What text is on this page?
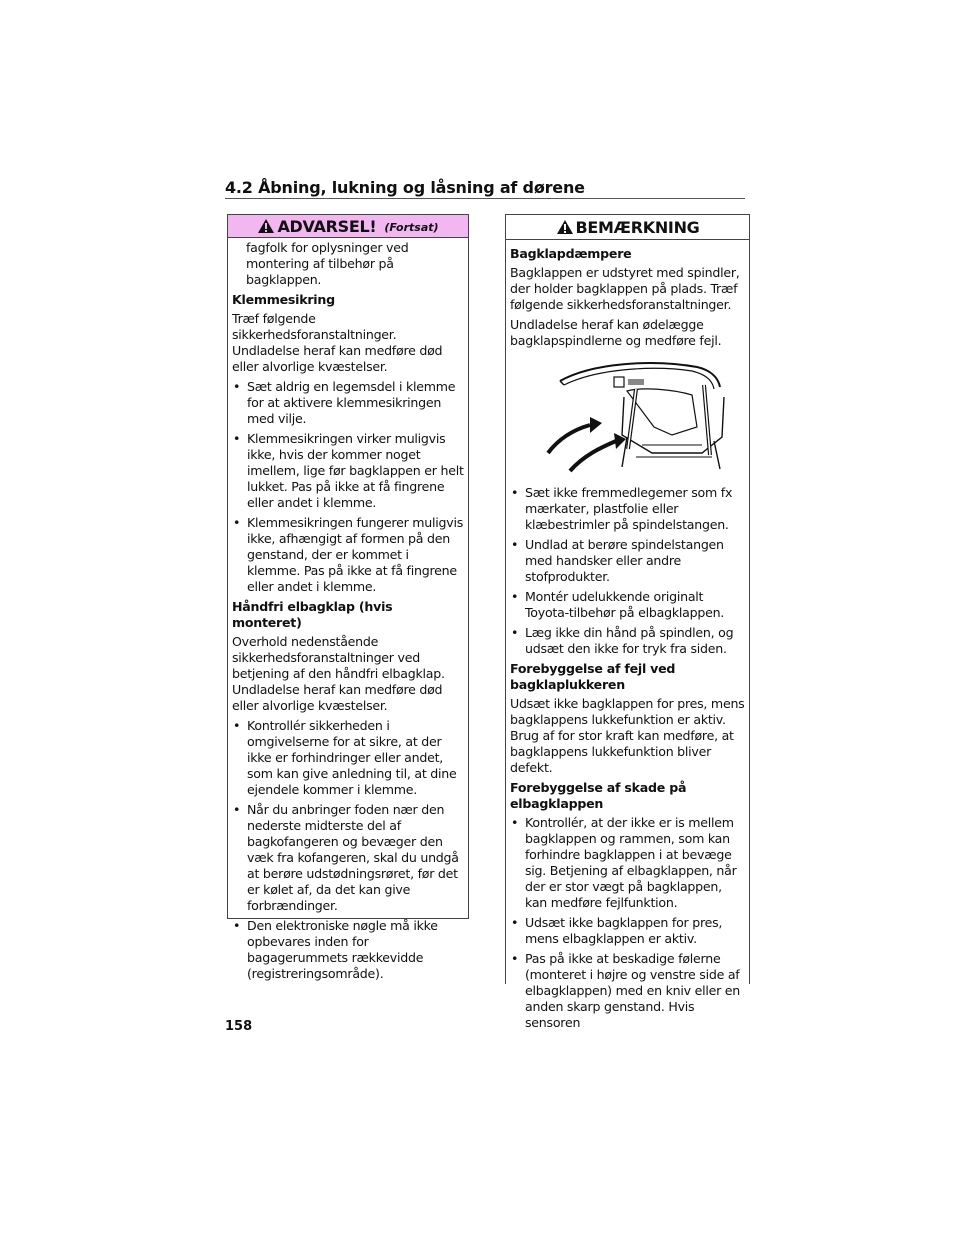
4.2 Åbning, lukning og låsning af dørene
ADVARSEL! (Fortsat)
fagfolk for oplysninger ved montering af tilbehør på bagklappen.
Klemmesikring

Træf følgende sikkerhedsforanstaltninger. Undladelse heraf kan medføre død eller alvorlige kvæstelser.

• Sæt aldrig en legemsdel i klemme for at aktivere klemmesikringen med vilje.
• Klemmesikringen virker muligvis ikke, hvis der kommer noget imellem, lige før bagklappen er helt lukket. Pas på ikke at få fingrene eller andet i klemme.
• Klemmesikringen fungerer muligvis ikke, afhængigt af formen på den genstand, der er kommet i klemme. Pas på ikke at få fingrene eller andet i klemme.
Håndfri elbagklap (hvis monteret)

Overhold nedenstående sikkerhedsforanstaltninger ved betjening af den håndfri elbagklap. Undladelse heraf kan medføre død eller alvorlige kvæstelser.

• Kontrollér sikkerheden i omgivelserne for at sikre, at der ikke er forhindringer eller andet, som kan give anledning til, at dine ejendele kommer i klemme.
• Når du anbringer foden nær den nederste midterste del af bagkofangeren og bevæger den væk fra kofangeren, skal du undgå at berøre udstødningsrøret, før det er kølet af, da det kan give forbrændinger.
• Den elektroniske nøgle må ikke opbevares inden for bagagerummets rækkevidde (registreringsområde).
BEMÆRKNING
Bagklapdæmpere

Bagklappen er udstyret med spindler, der holder bagklappen på plads. Træf følgende sikkerhedsforanstaltninger.

Undladelse heraf kan ødelægge bagklapspindlerne og medføre fejl.

• Sæt ikke fremmedlegemer som fx mærkater, plastfolie eller klæbestrimler på spindelstangen.
• Undlad at berøre spindelstangen med handsker eller andre stofprodukter.
• Montér udelukkende originalt Toyota-tilbehør på elbagklappen.
• Læg ikke din hånd på spindlen, og udsæt den ikke for tryk fra siden.
Forebyggelse af fejl ved bagklaplukkeren

Udsæt ikke bagklappen for pres, mens bagklappens lukkefunktion er aktiv. Brug af for stor kraft kan medføre, at bagklappens lukkefunktion bliver defekt.

Forebyggelse af skade på elbagklappen
• Kontrollér, at der ikke er is mellem bagklappen og rammen, som kan forhindre bagklappen i at bevæge sig. Betjening af elbagklappen, når der er stor vægt på bagklappen, kan medføre fejlfunktion.
• Udsæt ikke bagklappen for pres, mens elbagklappen er aktiv.
• Pas på ikke at beskadige følerne (monteret i højre og venstre side af elbagklappen) med en kniv eller en anden skarp genstand. Hvis sensoren
158
